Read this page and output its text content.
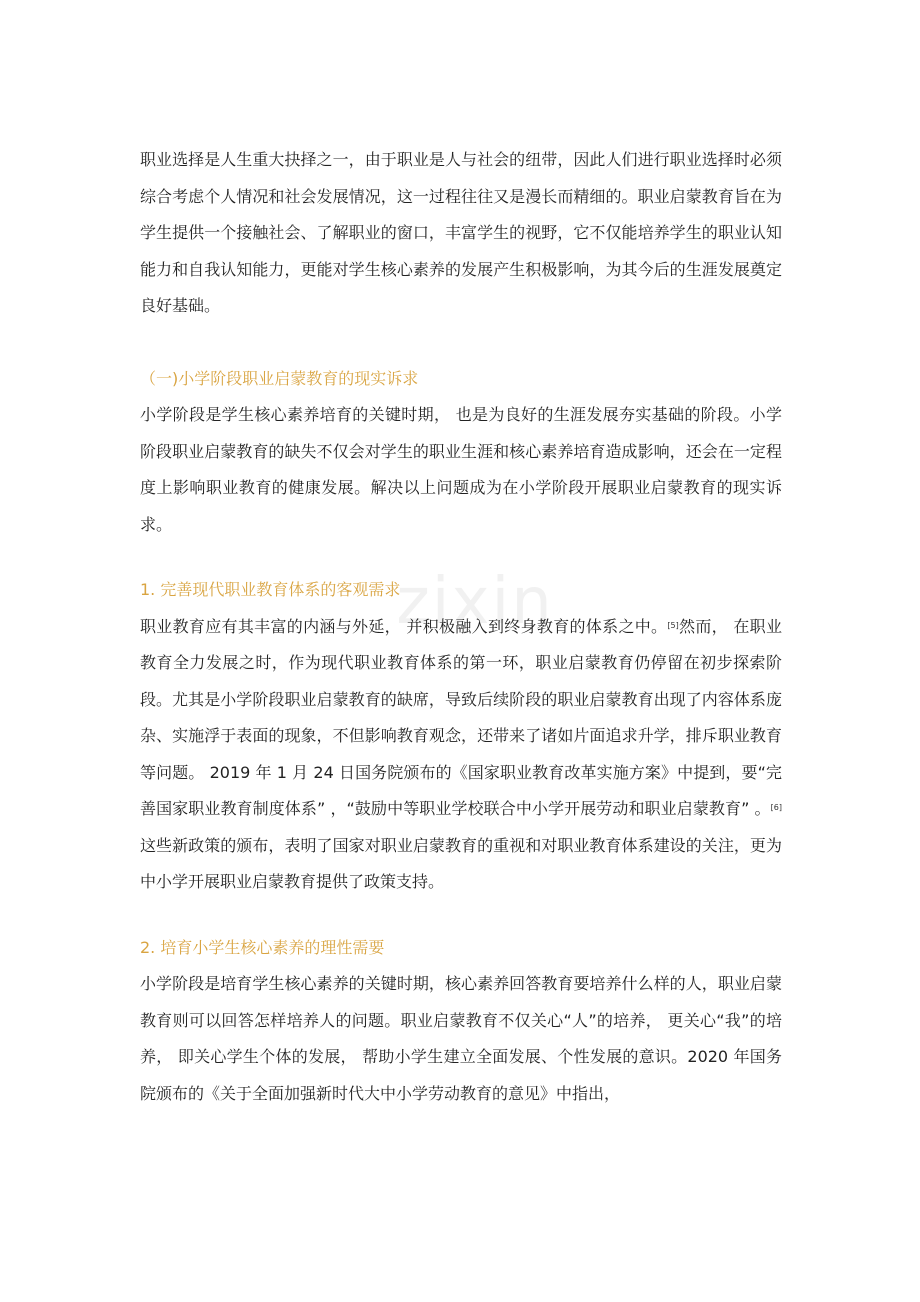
zixin

职业选择是人生重大抉择之一，由于职业是人与社会的纽带，因此人们进行职业选择时必须综合考虑个人情况和社会发展情况，这一过程往往又是漫长而精细的。职业启蒙教育旨在为学生提供一个接触社会、了解职业的窗口，丰富学生的视野，它不仅能培养学生的职业认知能力和自我认知能力，更能对学生核心素养的发展产生积极影响，为其今后的生涯发展奠定良好基础。

（一)小学阶段职业启蒙教育的现实诉求

小学阶段是学生核心素养培育的关键时期， 也是为良好的生涯发展夯实基础的阶段。小学阶段职业启蒙教育的缺失不仅会对学生的职业生涯和核心素养培育造成影响，还会在一定程度上影响职业教育的健康发展。解决以上问题成为在小学阶段开展职业启蒙教育的现实诉求。

1. 完善现代职业教育体系的客观需求

职业教育应有其丰富的内涵与外延， 并积极融入到终身教育的体系之中。[5]然而， 在职业教育全力发展之时，作为现代职业教育体系的第一环，职业启蒙教育仍停留在初步探索阶段。尤其是小学阶段职业启蒙教育的缺席，导致后续阶段的职业启蒙教育出现了内容体系庞杂、实施浮于表面的现象，不但影响教育观念，还带来了诸如片面追求升学，排斥职业教育等问题。 2019 年 1 月 24 日国务院颁布的《国家职业教育改革实施方案》中提到，要“完善国家职业教育制度体系” ，“鼓励中等职业学校联合中小学开展劳动和职业启蒙教育” 。[6] 这些新政策的颁布，表明了国家对职业启蒙教育的重视和对职业教育体系建设的关注，更为中小学开展职业启蒙教育提供了政策支持。

2. 培育小学生核心素养的理性需要

小学阶段是培育学生核心素养的关键时期，核心素养回答教育要培养什么样的人，职业启蒙教育则可以回答怎样培养人的问题。职业启蒙教育不仅关心“人”的培养， 更关心“我”的培养， 即关心学生个体的发展， 帮助小学生建立全面发展、个性发展的意识。2020 年国务院颁布的《关于全面加强新时代大中小学劳动教育的意见》中指出，
